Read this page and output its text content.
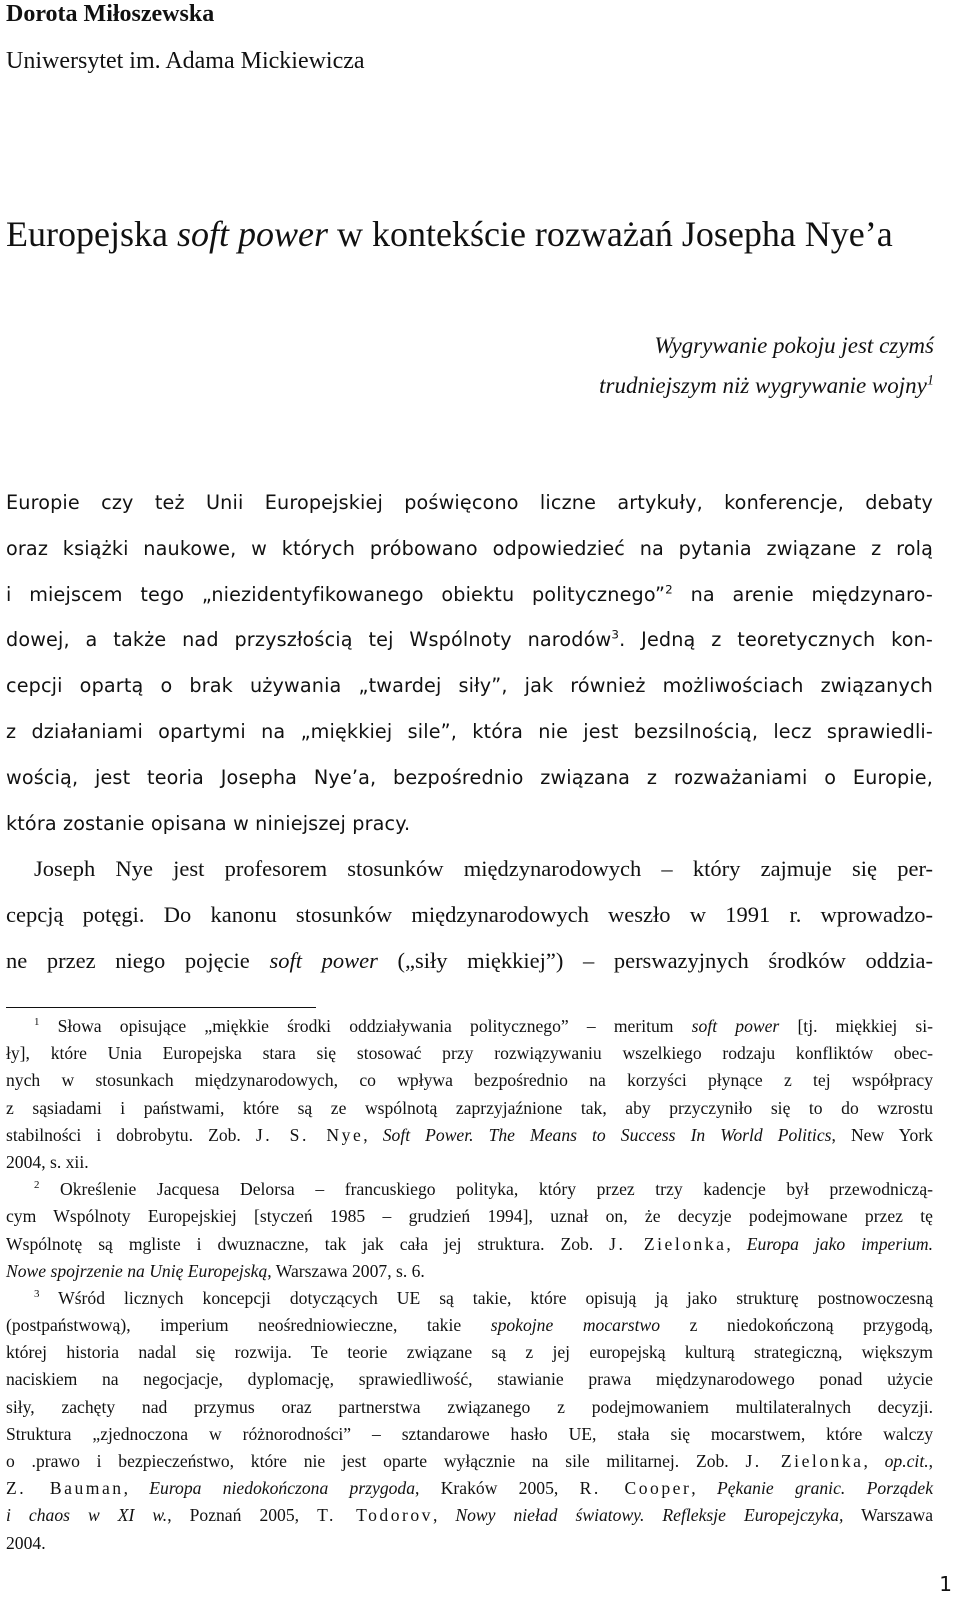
Dorota Miłoszewska

Uniwersytet im. Adama Mickiewicza

Europejska soft power w kontekście rozważań Josepha Nye’a
Wygrywanie pokoju jest czymś
trudniejszym niż wygrywanie wojny$^1$
Europie czy też Unii Europejskiej poświęcono liczne artykuły, konferencje, debaty
oraz książki naukowe, w których próbowano odpowiedzieć na pytania związane z rolą
i miejscem tego „niezidentyfikowanego obiektu politycznego”$^2$ na arenie międzynaro-
dowej, a także nad przyszłością tej Wspólnoty narodów$^3$. Jedną z teoretycznych kon-
cepcji opartą o brak używania „twardej siły”, jak również możliwościach związanych
z działaniami opartymi na „miękkiej sile”, która nie jest bezsilnością, lecz sprawiedli-
wością, jest teoria Josepha Nye’a, bezpośrednio związana z rozważaniami o Europie,
która zostanie opisana w niniejszej pracy.
Joseph Nye jest profesorem stosunków międzynarodowych – który zajmuje się per-
cepcją potęgi. Do kanonu stosunków międzynarodowych weszło w 1991 r. wprowadzo-
ne przez niego pojęcie soft power („siły miękkiej”) – perswazyjnych środków oddzia-
$^1$ Słowa opisujące „miękkie środki oddziaływania politycznego” – meritum soft power [tj. miękkiej si-
ły], które Unia Europejska stara się stosować przy rozwiązywaniu wszelkiego rodzaju konfliktów obec-
nych w stosunkach międzynarodowych, co wpływa bezpośrednio na korzyści płynące z tej współpracy
z sąsiadami i państwami, które są ze wspólnotą zaprzyjaźnione tak, aby przyczyniło się to do wzrostu
stabilności i dobrobytu. Zob. J. S. Nye, Soft Power. The Means to Success In World Politics, New York
2004, s. xii.
$^2$ Określenie Jacquesa Delorsa – francuskiego polityka, który przez trzy kadencje był przewodniczą-
cym Wspólnoty Europejskiej [styczeń 1985 – grudzień 1994], uznał on, że decyzje podejmowane przez tę
Wspólnotę są mgliste i dwuznaczne, tak jak cała jej struktura. Zob. J. Zielonka, Europa jako imperium.
Nowe spojrzenie na Unię Europejską, Warszawa 2007, s. 6.
$^3$ Wśród licznych koncepcji dotyczących UE są takie, które opisują ją jako strukturę postnowoczesną
(postpaństwową), imperium neośredniowieczne, takie spokojne mocarstwo z niedokończoną przygodą,
której historia nadal się rozwija. Te teorie związane są z jej europejską kulturą strategiczną, większym
naciskiem na negocjacje, dyplomację, sprawiedliwość, stawianie prawa międzynarodowego ponad użycie
siły, zachęty nad przymus oraz partnerstwa związanego z podejmowaniem multilateralnych decyzji.
Struktura „zjednoczona w różnorodności” – sztandarowe hasło UE, stała się mocarstwem, które walczy
o .prawo i bezpieczeństwo, które nie jest oparte wyłącznie na sile militarnej. Zob. J. Zielonka, op.cit.,
Z. Bauman, Europa niedokończona przygoda, Kraków 2005, R. Cooper, Pękanie granic. Porządek
i chaos w XI w., Poznań 2005, T. Todorov, Nowy nieład światowy. Refleksje Europejczyka, Warszawa
2004.

1
